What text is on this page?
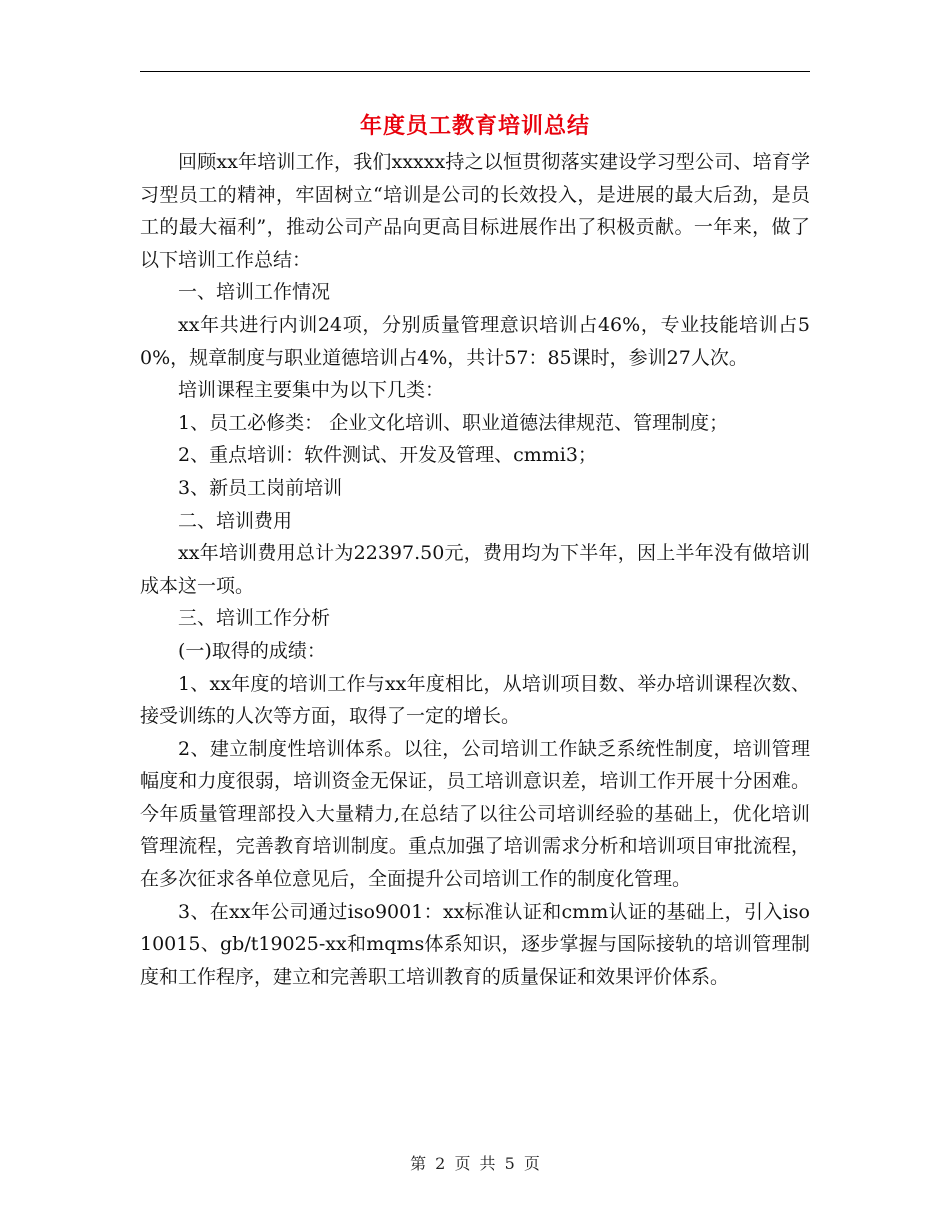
年度员工教育培训总结

回顾xx年培训工作，我们xxxxx持之以恒贯彻落实建设学习型公司、培育学习型员工的精神，牢固树立“培训是公司的长效投入，是进展的最大后劲，是员工的最大福利”，推动公司产品向更高目标进展作出了积极贡献。一年来，做了以下培训工作总结：

一、培训工作情况

xx年共进行内训24项，分别质量管理意识培训占46%，专业技能培训占50%，规章制度与职业道德培训占4%，共计57：85课时，参训27人次。

培训课程主要集中为以下几类：

1、员工必修类： 企业文化培训、职业道德法律规范、管理制度；

2、重点培训：软件测试、开发及管理、cmmi3；

3、新员工岗前培训

二、培训费用

xx年培训费用总计为22397.50元，费用均为下半年，因上半年没有做培训成本这一项。

三、培训工作分析

(一)取得的成绩：

1、xx年度的培训工作与xx年度相比，从培训项目数、举办培训课程次数、接受训练的人次等方面，取得了一定的增长。

2、建立制度性培训体系。以往，公司培训工作缺乏系统性制度，培训管理幅度和力度很弱，培训资金无保证，员工培训意识差，培训工作开展十分困难。今年质量管理部投入大量精力,在总结了以往公司培训经验的基础上，优化培训管理流程，完善教育培训制度。重点加强了培训需求分析和培训项目审批流程，在多次征求各单位意见后，全面提升公司培训工作的制度化管理。

3、在xx年公司通过iso9001：xx标准认证和cmm认证的基础上，引入iso10015、gb/t19025-xx和mqms体系知识，逐步掌握与国际接轨的培训管理制度和工作程序，建立和完善职工培训教育的质量保证和效果评价体系。

第 2 页 共 5 页
